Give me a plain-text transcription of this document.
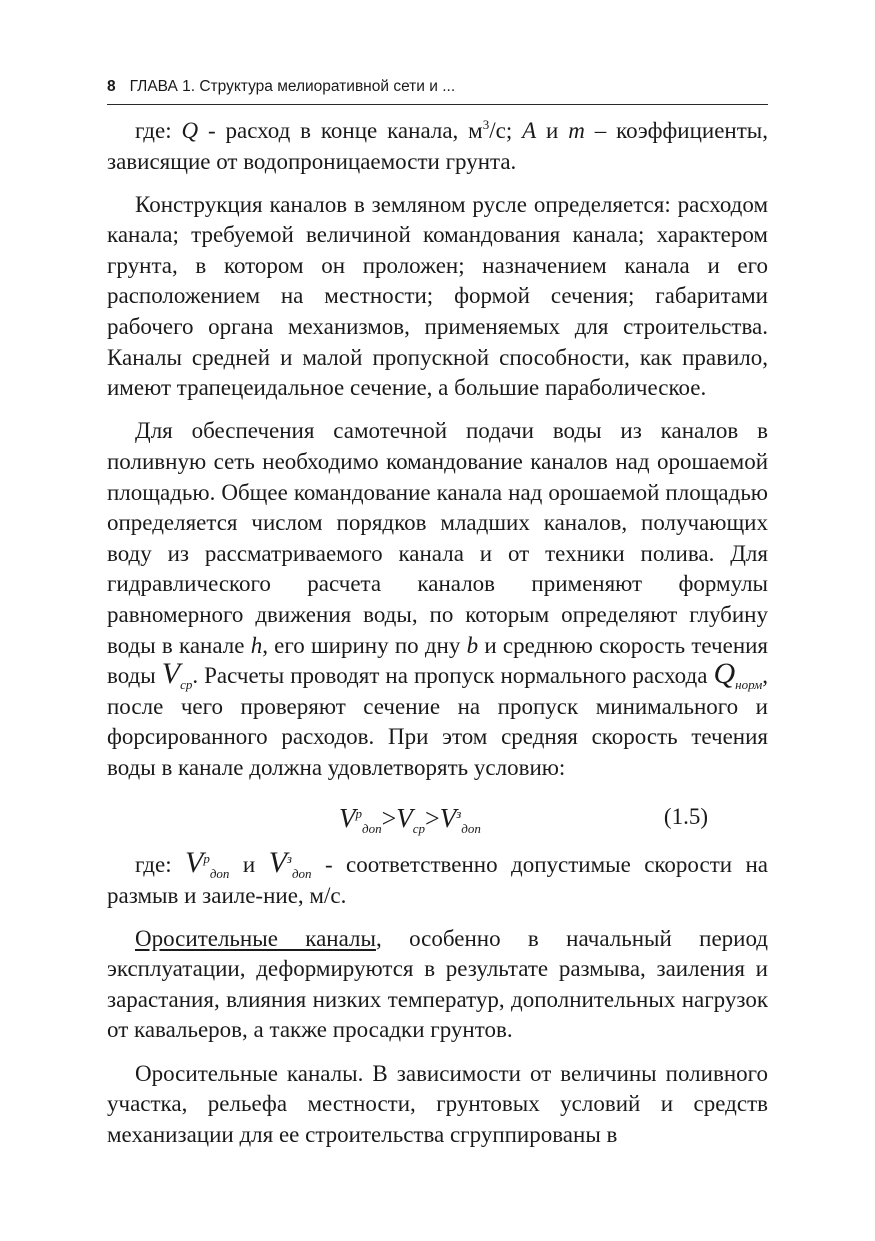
8 ГЛАВА 1. Структура мелиоративной сети и ...

где: Q - расход в конце канала, $м^3/с$; А и m – коэффициенты, зависящие от водопроницаемости грунта.

Конструкция каналов в земляном русле определяется: расходом канала; требуемой величиной командования канала; характером грунта, в котором он проложен; назначением канала и его расположением на местности; формой сечения; габаритами рабочего органа механизмов, применяемых для строительства. Каналы средней и малой пропускной способности, как правило, имеют трапецеидальное сечение, а большие параболическое.

Для обеспечения самотечной подачи воды из каналов в поливную сеть необходимо командование каналов над орошаемой площадью. Общее командование канала над орошаемой площадью определяется числом порядков младших каналов, получающих воду из рассматриваемого канала и от техники полива. Для гидравлического расчета каналов применяют формулы равномерного движения воды, по которым определяют глубину воды в канале h, его ширину по дну b и среднюю скорость течения воды $V_{ср}$. Расчеты проводят на пропуск нормального расхода $Q_{норм}$, после чего проверяют сечение на пропуск минимального и форсированного расходов. При этом средняя скорость течения воды в канале должна удовлетворять условию:

$V^р_{доп}>V_{ср}>V^з_{доп}$	(1.5)

где: $V^р_{доп}$ и $V^з_{доп}$ - соответственно допустимые скорости на размыв и заиле-ние, м/с.

Оросительные каналы, особенно в начальный период эксплуатации, деформируются в результате размыва, заиления и зарастания, влияния низких температур, дополнительных нагрузок от кавальеров, а также просадки грунтов.

Оросительные каналы. В зависимости от величины поливного участка, рельефа местности, грунтовых условий и средств механизации для ее строительства сгруппированы в
